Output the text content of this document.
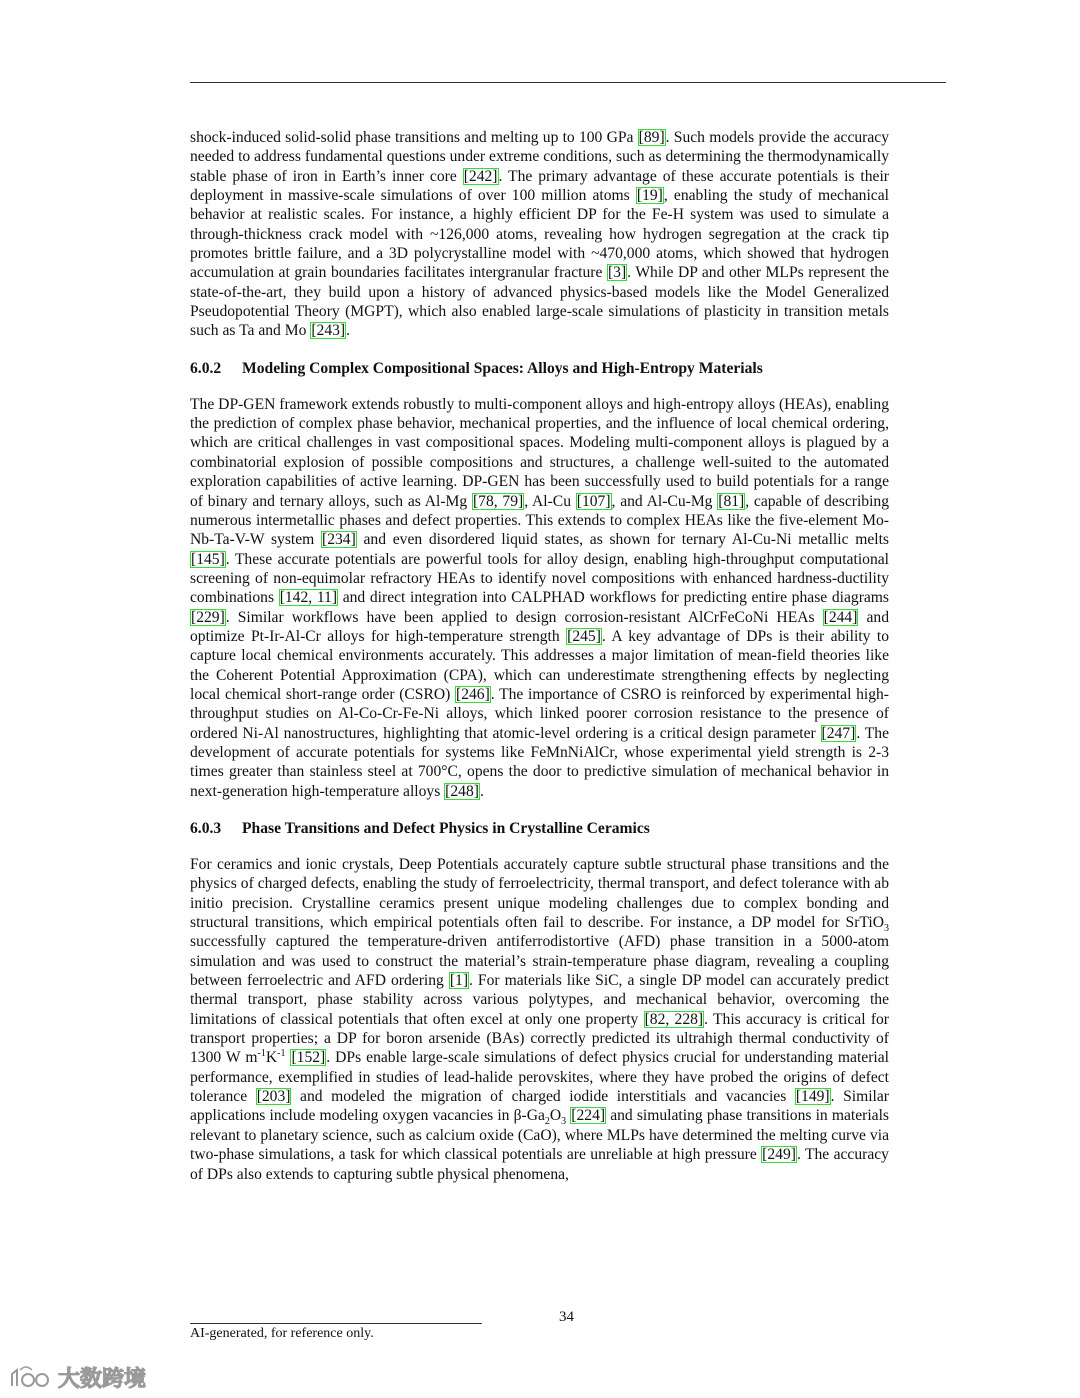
shock-induced solid-solid phase transitions and melting up to 100 GPa [89]. Such models provide the accuracy needed to address fundamental questions under extreme conditions, such as determining the thermodynamically stable phase of iron in Earth’s inner core [242]. The primary advantage of these accurate potentials is their deployment in massive-scale simulations of over 100 million atoms [19], enabling the study of mechanical behavior at realistic scales. For instance, a highly efficient DP for the Fe-H system was used to simulate a through-thickness crack model with ~126,000 atoms, revealing how hydrogen segregation at the crack tip promotes brittle failure, and a 3D polycrystalline model with ~470,000 atoms, which showed that hydrogen accumulation at grain boundaries facilitates intergranular fracture [3]. While DP and other MLPs represent the state-of-the-art, they build upon a history of advanced physics-based models like the Model Generalized Pseudopotential Theory (MGPT), which also enabled large-scale simulations of plasticity in transition metals such as Ta and Mo [243].

6.0.2 Modeling Complex Compositional Spaces: Alloys and High-Entropy Materials

The DP-GEN framework extends robustly to multi-component alloys and high-entropy alloys (HEAs), enabling the prediction of complex phase behavior, mechanical properties, and the influence of local chemical ordering, which are critical challenges in vast compositional spaces. Modeling multi-component alloys is plagued by a combinatorial explosion of possible compositions and structures, a challenge well-suited to the automated exploration capabilities of active learning. DP-GEN has been successfully used to build potentials for a range of binary and ternary alloys, such as Al-Mg [78, 79], Al-Cu [107], and Al-Cu-Mg [81], capable of describing numerous intermetallic phases and defect properties. This extends to complex HEAs like the five-element Mo-Nb-Ta-V-W system [234] and even disordered liquid states, as shown for ternary Al-Cu-Ni metallic melts [145]. These accurate potentials are powerful tools for alloy design, enabling high-throughput computational screening of non-equimolar refractory HEAs to identify novel compositions with enhanced hardness-ductility combinations [142, 11] and direct integration into CALPHAD workflows for predicting entire phase diagrams [229]. Similar workflows have been applied to design corrosion-resistant AlCrFeCoNi HEAs [244] and optimize Pt-Ir-Al-Cr alloys for high-temperature strength [245]. A key advantage of DPs is their ability to capture local chemical environments accurately. This addresses a major limitation of mean-field theories like the Coherent Potential Approximation (CPA), which can underestimate strengthening effects by neglecting local chemical short-range order (CSRO) [246]. The importance of CSRO is reinforced by experimental high-throughput studies on Al-Co-Cr-Fe-Ni alloys, which linked poorer corrosion resistance to the presence of ordered Ni-Al nanostructures, highlighting that atomic-level ordering is a critical design parameter [247]. The development of accurate potentials for systems like FeMnNiAlCr, whose experimental yield strength is 2-3 times greater than stainless steel at 700°C, opens the door to predictive simulation of mechanical behavior in next-generation high-temperature alloys [248].

6.0.3 Phase Transitions and Defect Physics in Crystalline Ceramics

For ceramics and ionic crystals, Deep Potentials accurately capture subtle structural phase transitions and the physics of charged defects, enabling the study of ferroelectricity, thermal transport, and defect tolerance with ab initio precision. Crystalline ceramics present unique modeling challenges due to complex bonding and structural transitions, which empirical potentials often fail to describe. For instance, a DP model for SrTiO$_3$ successfully captured the temperature-driven antiferrodistortive (AFD) phase transition in a 5000-atom simulation and was used to construct the material’s strain-temperature phase diagram, revealing a coupling between ferroelectric and AFD ordering [1]. For materials like SiC, a single DP model can accurately predict thermal transport, phase stability across various polytypes, and mechanical behavior, overcoming the limitations of classical potentials that often excel at only one property [82, 228]. This accuracy is critical for transport properties; a DP for boron arsenide (BAs) correctly predicted its ultrahigh thermal conductivity of 1300 W $m^{-1}K^{-1}$ [152]. DPs enable large-scale simulations of defect physics crucial for understanding material performance, exemplified in studies of lead-halide perovskites, where they have probed the origins of defect tolerance [203] and modeled the migration of charged iodide interstitials and vacancies [149]. Similar applications include modeling oxygen vacancies in $\beta-Ga_2O_3$ [224] and simulating phase transitions in materials relevant to planetary science, such as calcium oxide (CaO), where MLPs have determined the melting curve via two-phase simulations, a task for which classical potentials are unreliable at high pressure [249]. The accuracy of DPs also extends to capturing subtle physical phenomena,

34
AI-generated, for reference only.
大数跨境
